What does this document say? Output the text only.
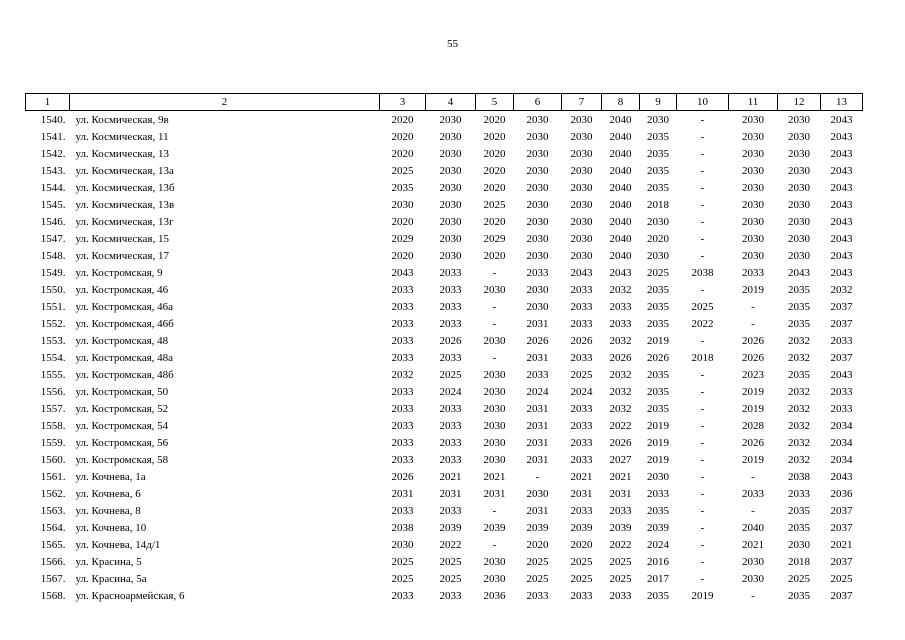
55
1	2	3	4	5	6	7	8	9	10	11	12	13
1540.	ул. Космическая, 9в	2020	2030	2020	2030	2030	2040	2030	-	2030	2030	2043
1541.	ул. Космическая, 11	2020	2030	2020	2030	2030	2040	2035	-	2030	2030	2043
1542.	ул. Космическая, 13	2020	2030	2020	2030	2030	2040	2035	-	2030	2030	2043
1543.	ул. Космическая, 13а	2025	2030	2020	2030	2030	2040	2035	-	2030	2030	2043
1544.	ул. Космическая, 13б	2035	2030	2020	2030	2030	2040	2035	-	2030	2030	2043
1545.	ул. Космическая, 13в	2030	2030	2025	2030	2030	2040	2018	-	2030	2030	2043
1546.	ул. Космическая, 13г	2020	2030	2020	2030	2030	2040	2030	-	2030	2030	2043
1547.	ул. Космическая, 15	2029	2030	2029	2030	2030	2040	2020	-	2030	2030	2043
1548.	ул. Космическая, 17	2020	2030	2020	2030	2030	2040	2030	-	2030	2030	2043
1549.	ул. Костромская, 9	2043	2033	-	2033	2043	2043	2025	2038	2033	2043	2043
1550.	ул. Костромская, 46	2033	2033	2030	2030	2033	2032	2035	-	2019	2035	2032
1551.	ул. Костромская, 46а	2033	2033	-	2030	2033	2033	2035	2025	-	2035	2037
1552.	ул. Костромская, 46б	2033	2033	-	2031	2033	2033	2035	2022	-	2035	2037
1553.	ул. Костромская, 48	2033	2026	2030	2026	2026	2032	2019	-	2026	2032	2033
1554.	ул. Костромская, 48а	2033	2033	-	2031	2033	2026	2026	2018	2026	2032	2037
1555.	ул. Костромская, 48б	2032	2025	2030	2033	2025	2032	2035	-	2023	2035	2043
1556.	ул. Костромская, 50	2033	2024	2030	2024	2024	2032	2035	-	2019	2032	2033
1557.	ул. Костромская, 52	2033	2033	2030	2031	2033	2032	2035	-	2019	2032	2033
1558.	ул. Костромская, 54	2033	2033	2030	2031	2033	2022	2019	-	2028	2032	2034
1559.	ул. Костромская, 56	2033	2033	2030	2031	2033	2026	2019	-	2026	2032	2034
1560.	ул. Костромская, 58	2033	2033	2030	2031	2033	2027	2019	-	2019	2032	2034
1561.	ул. Кочнева, 1а	2026	2021	2021	-	2021	2021	2030	-	-	2038	2043
1562.	ул. Кочнева, 6	2031	2031	2031	2030	2031	2031	2033	-	2033	2033	2036
1563.	ул. Кочнева, 8	2033	2033	-	2031	2033	2033	2035	-	-	2035	2037
1564.	ул. Кочнева, 10	2038	2039	2039	2039	2039	2039	2039	-	2040	2035	2037
1565.	ул. Кочнева, 14д/1	2030	2022	-	2020	2020	2022	2024	-	2021	2030	2021
1566.	ул. Красина, 5	2025	2025	2030	2025	2025	2025	2016	-	2030	2018	2037
1567.	ул. Красина, 5а	2025	2025	2030	2025	2025	2025	2017	-	2030	2025	2025
1568.	ул. Красноармейская, 6	2033	2033	2036	2033	2033	2033	2035	2019	-	2035	2037
